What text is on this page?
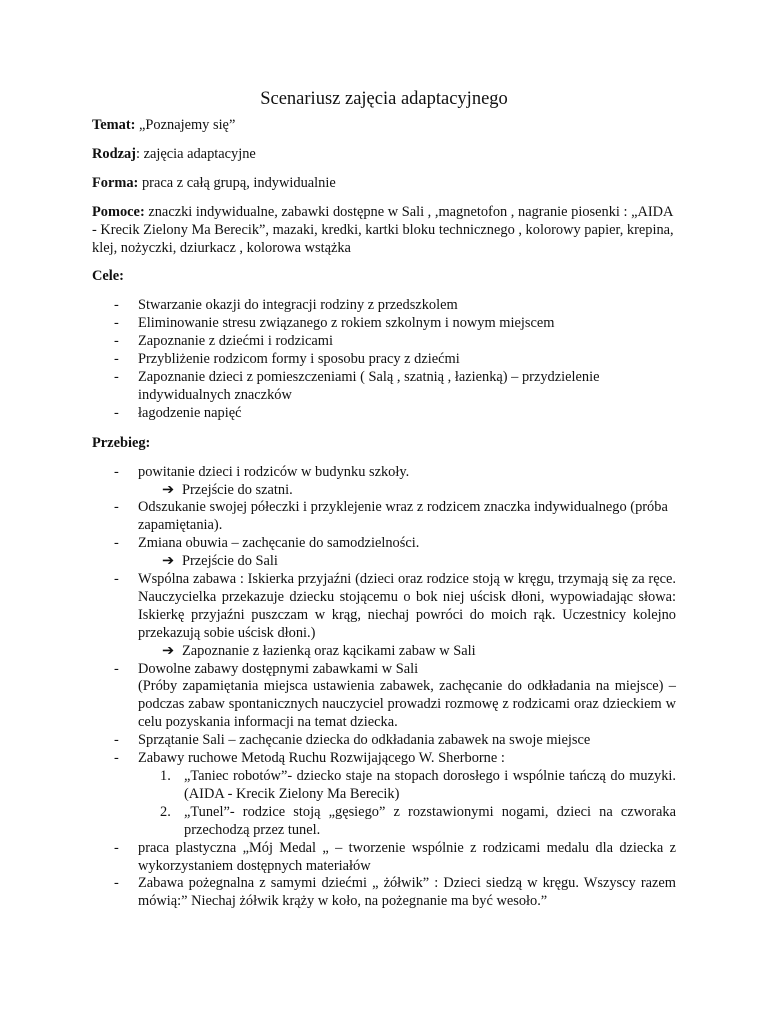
Scenariusz zajęcia adaptacyjnego

Temat: „Poznajemy się”

Rodzaj: zajęcia adaptacyjne

Forma: praca z całą grupą, indywidualnie

Pomoce: znaczki indywidualne, zabawki dostępne w Sali , ,magnetofon , nagranie piosenki : „AIDA - Krecik Zielony Ma Berecik”, mazaki, kredki, kartki bloku technicznego , kolorowy papier, krepina, klej, nożyczki, dziurkacz , kolorowa wstążka

Cele:

- Stwarzanie okazji do integracji rodziny z przedszkolem
- Eliminowanie stresu związanego z rokiem szkolnym i nowym miejscem
- Zapoznanie z dziećmi i rodzicami
- Przybliżenie rodzicom formy i sposobu pracy z dziećmi
- Zapoznanie dzieci z pomieszczeniami ( Salą , szatnią , łazienką) – przydzielenie indywidualnych znaczków
- łagodzenie napięć

Przebieg:

- powitanie dzieci i rodziców w budynku szkoły.
➔ Przejście do szatni.
- Odszukanie swojej półeczki i przyklejenie wraz z rodzicem znaczka indywidualnego (próba zapamiętania).
- Zmiana obuwia – zachęcanie do samodzielności.
➔ Przejście do Sali
- Wspólna zabawa : Iskierka przyjaźni (dzieci oraz rodzice stoją w kręgu, trzymają się za ręce. Nauczycielka przekazuje dziecku stojącemu o bok niej uścisk dłoni, wypowiadając słowa: Iskierkę przyjaźni puszczam w krąg, niechaj powróci do moich rąk. Uczestnicy kolejno przekazują sobie uścisk dłoni.)
➔ Zapoznanie z łazienką oraz kącikami zabaw w Sali
- Dowolne zabawy dostępnymi zabawkami w Sali
(Próby zapamiętania miejsca ustawienia zabawek, zachęcanie do odkładania na miejsce) – podczas zabaw spontanicznych nauczyciel prowadzi rozmowę z rodzicami oraz dzieckiem w celu pozyskania informacji na temat dziecka.
- Sprzątanie Sali – zachęcanie dziecka do odkładania zabawek na swoje miejsce
- Zabawy ruchowe Metodą Ruchu Rozwijającego W. Sherborne :
1. „Taniec robotów”- dziecko staje na stopach dorosłego i wspólnie tańczą do muzyki. (AIDA - Krecik Zielony Ma Berecik)
2. „Tunel”- rodzice stoją „gęsiego” z rozstawionymi nogami, dzieci na czworaka przechodzą przez tunel.
- praca plastyczna „Mój Medal „ – tworzenie wspólnie z rodzicami medalu dla dziecka z wykorzystaniem dostępnych materiałów
- Zabawa pożegnalna z samymi dziećmi „ żółwik” : Dzieci siedzą w kręgu. Wszyscy razem mówią:” Niechaj żółwik krąży w koło, na pożegnanie ma być wesoło.”
